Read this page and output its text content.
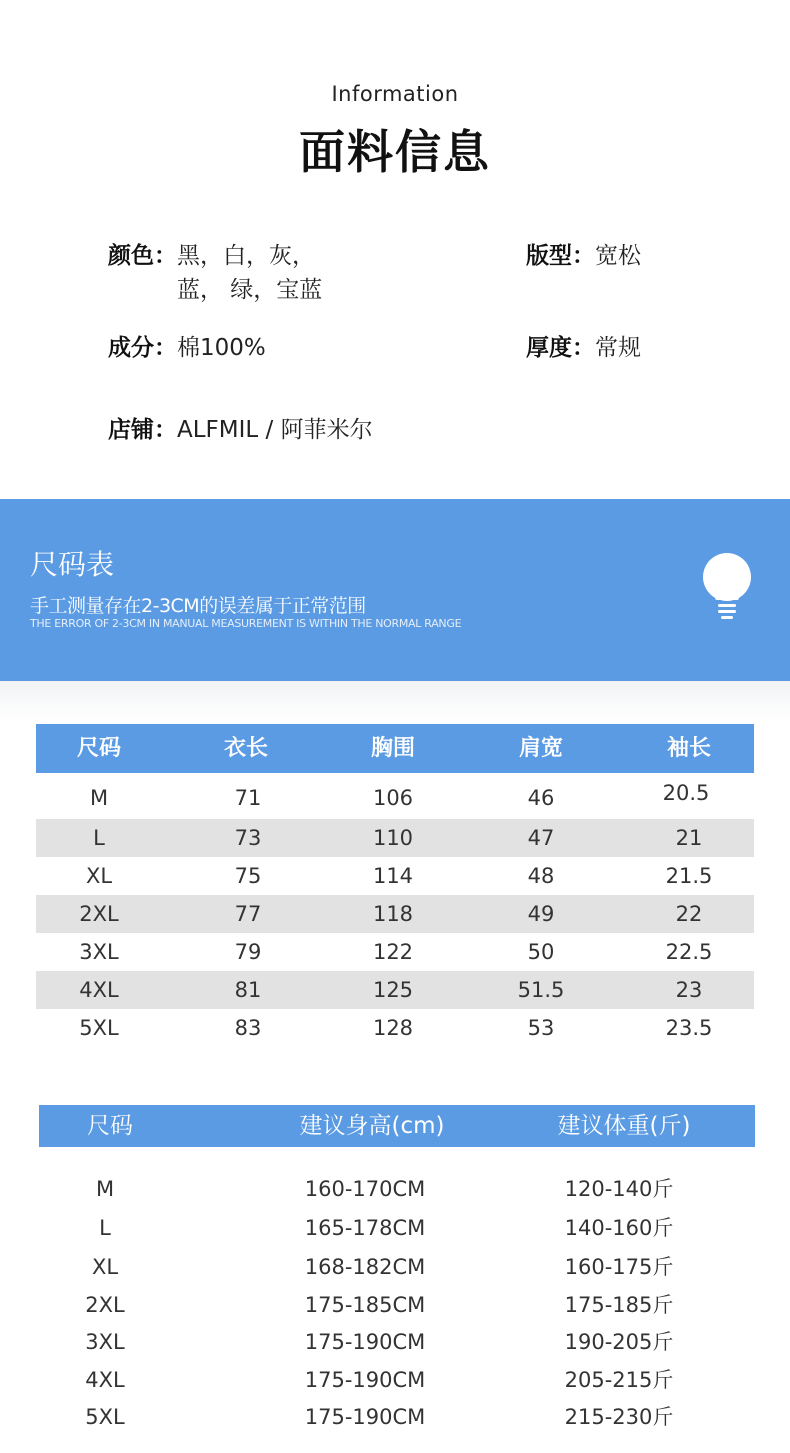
Information
面料信息
颜色：黑，白，灰，
蓝， 绿，宝蓝
版型：宽松
成分：棉100%	厚度：常规
店铺：ALFMIL / 阿菲米尔
尺码表
手工测量存在2-3CM的误差属于正常范围
THE ERROR OF 2-3CM IN MANUAL MEASUREMENT IS WITHIN THE NORMAL RANGE
尺码	衣长	胸围	肩宽	袖长
M	71	106	46	20.5
L	73	110	47	21
XL	75	114	48	21.5
2XL	77	118	49	22
3XL	79	122	50	22.5
4XL	81	125	51.5	23
5XL	83	128	53	23.5
尺码	建议身高(cm)	建议体重(斤)
M	160-170CM	120-140斤
L	165-178CM	140-160斤
XL	168-182CM	160-175斤
2XL	175-185CM	175-185斤
3XL	175-190CM	190-205斤
4XL	175-190CM	205-215斤
5XL	175-190CM	215-230斤
